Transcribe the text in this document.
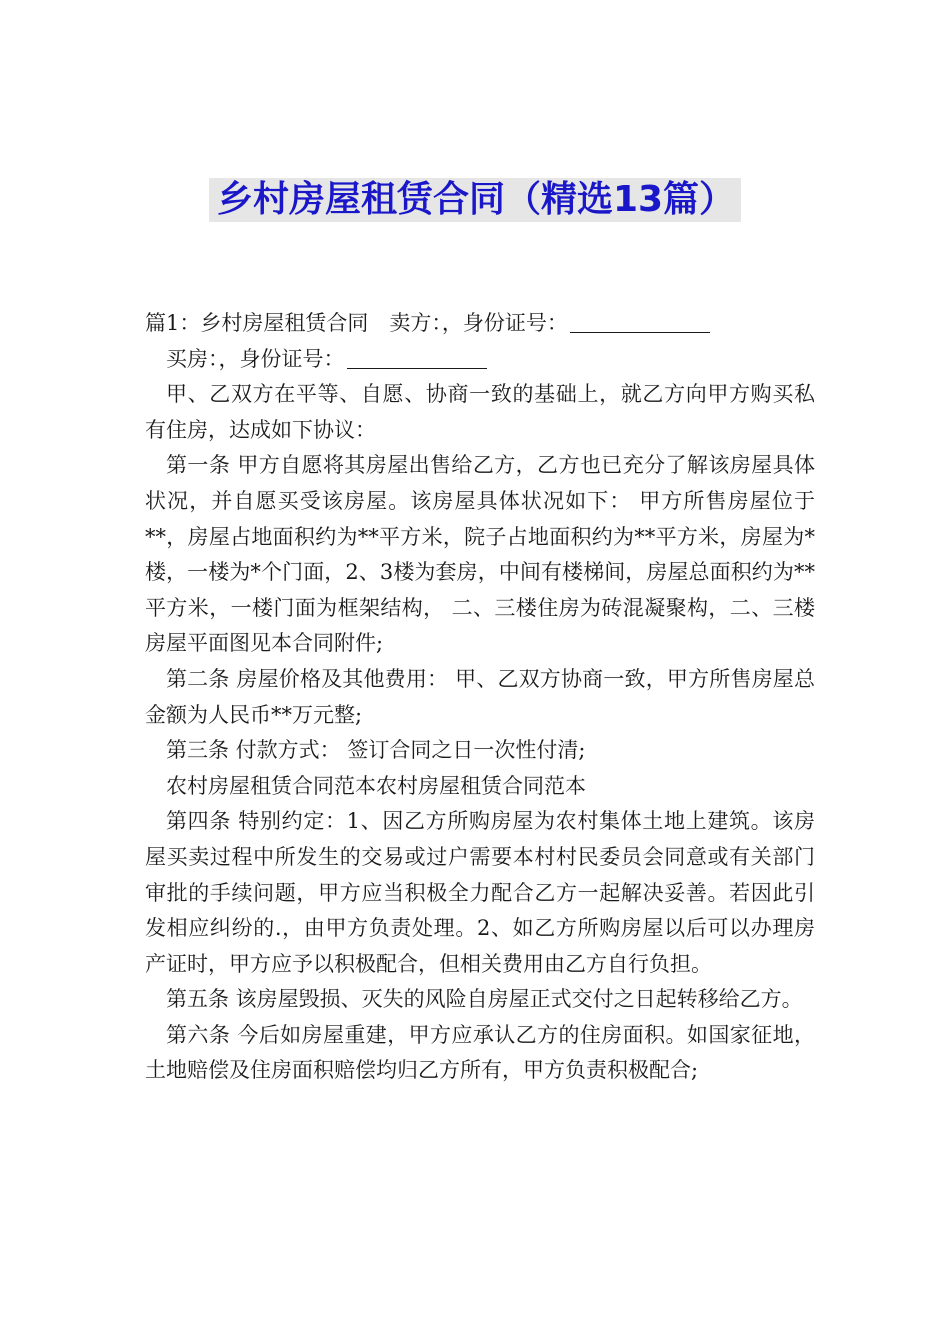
乡村房屋租赁合同（精选13篇）

篇1：乡村房屋租赁合同 卖方：，身份证号：

买房：，身份证号：

甲、乙双方在平等、自愿、协商一致的基础上，就乙方向甲方购买私有住房，达成如下协议：

第一条 甲方自愿将其房屋出售给乙方，乙方也已充分了解该房屋具体状况，并自愿买受该房屋。该房屋具体状况如下： 甲方所售房屋位于**，房屋占地面积约为**平方米，院子占地面积约为**平方米，房屋为*楼，一楼为*个门面，2、3楼为套房，中间有楼梯间，房屋总面积约为**平方米，一楼门面为框架结构， 二、三楼住房为砖混凝聚构，二、三楼房屋平面图见本合同附件;

第二条 房屋价格及其他费用： 甲、乙双方协商一致，甲方所售房屋总金额为人民币**万元整;

第三条 付款方式： 签订合同之日一次性付清;

农村房屋租赁合同范本农村房屋租赁合同范本

第四条 特别约定：1、因乙方所购房屋为农村集体土地上建筑。该房屋买卖过程中所发生的交易或过户需要本村村民委员会同意或有关部门审批的手续问题，甲方应当积极全力配合乙方一起解决妥善。若因此引发相应纠纷的.，由甲方负责处理。2、如乙方所购房屋以后可以办理房产证时，甲方应予以积极配合，但相关费用由乙方自行负担。

第五条 该房屋毁损、灭失的风险自房屋正式交付之日起转移给乙方。

第六条 今后如房屋重建，甲方应承认乙方的住房面积。如国家征地，土地赔偿及住房面积赔偿均归乙方所有，甲方负责积极配合;
